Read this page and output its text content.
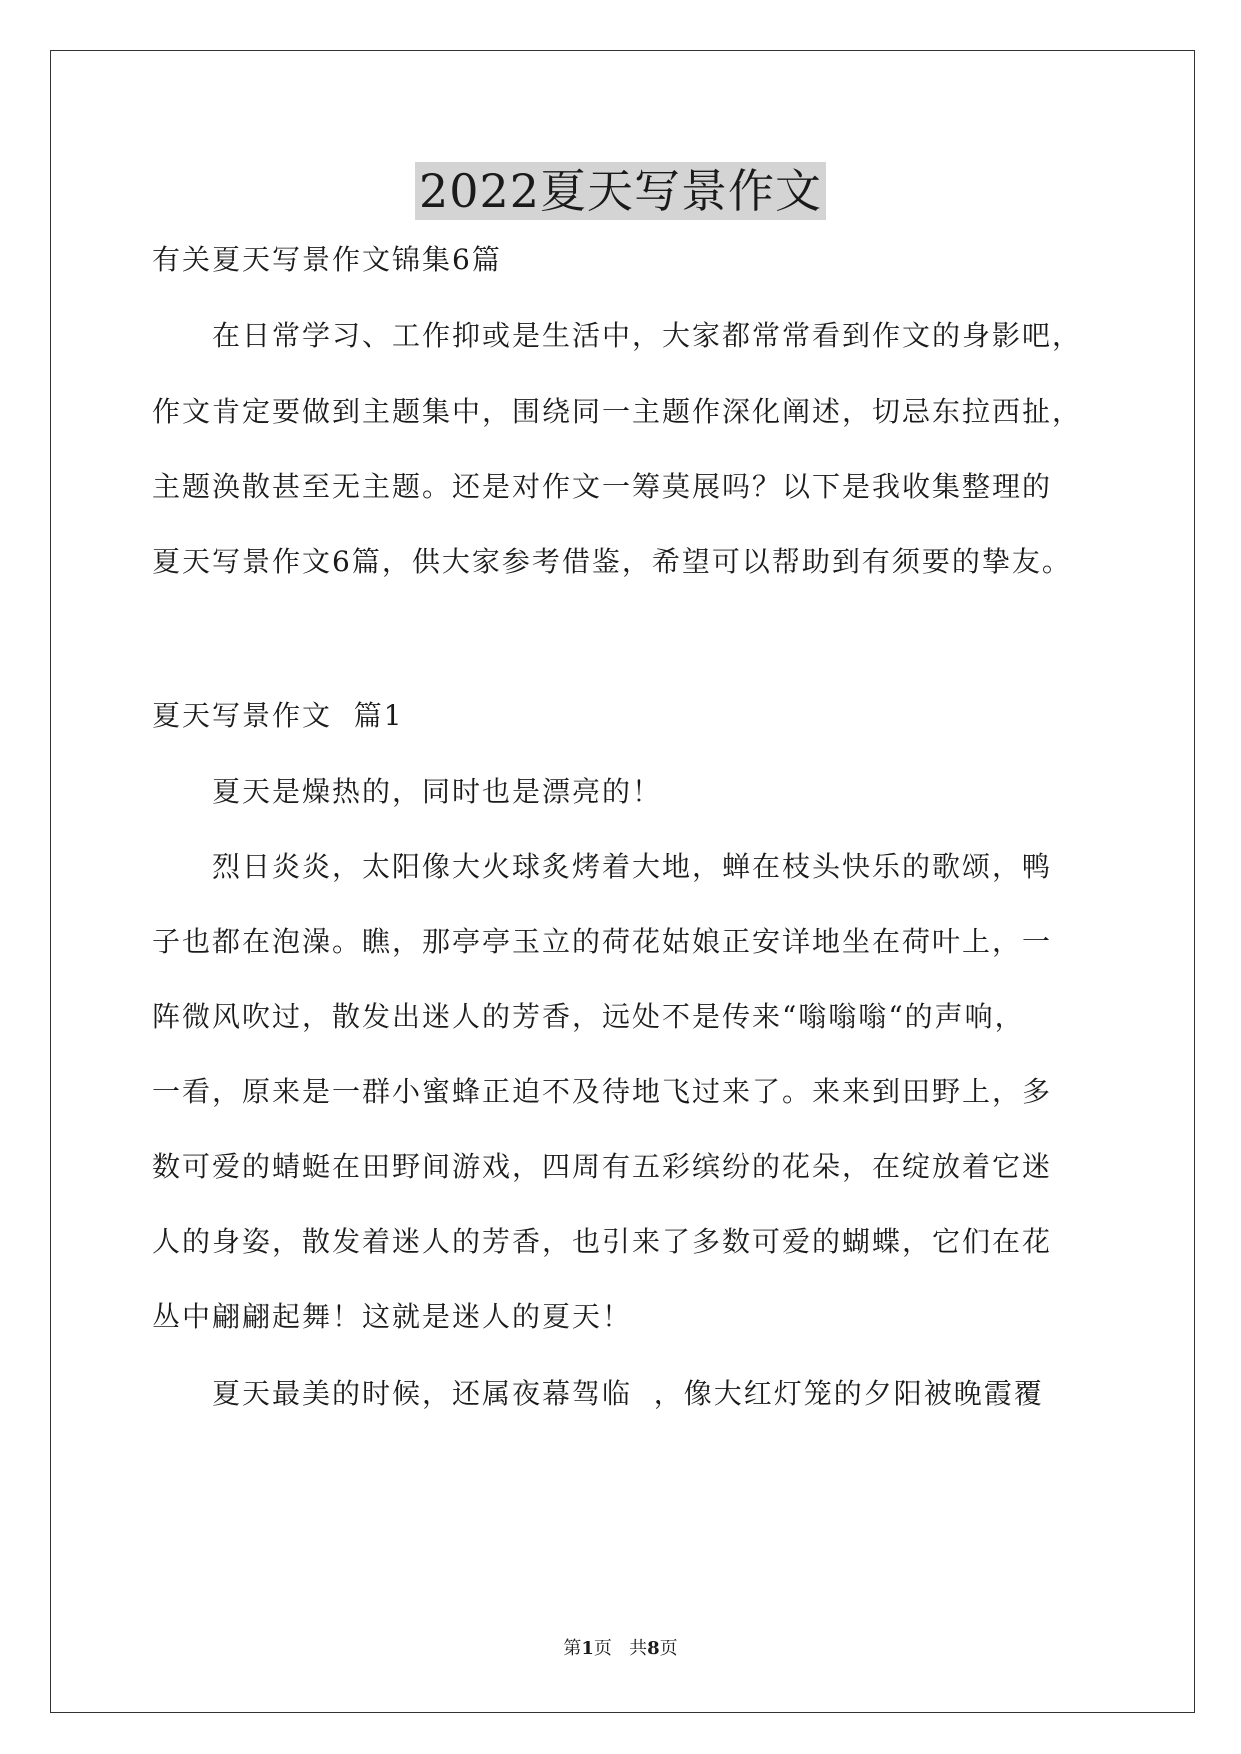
2022夏天写景作文
有关夏天写景作文锦集6篇
在日常学习、工作抑或是生活中，大家都常常看到作文的身影吧，
作文肯定要做到主题集中，围绕同一主题作深化阐述，切忌东拉西扯，
主题涣散甚至无主题。还是对作文一筹莫展吗？以下是我收集整理的
夏天写景作文6篇，供大家参考借鉴，希望可以帮助到有须要的挚友。
夏天写景作文  篇1
夏天是燥热的，同时也是漂亮的！
烈日炎炎，太阳像大火球炙烤着大地，蝉在枝头快乐的歌颂，鸭
子也都在泡澡。瞧，那亭亭玉立的荷花姑娘正安详地坐在荷叶上，一
阵微风吹过，散发出迷人的芳香，远处不是传来“嗡嗡嗡“的声响，
一看，原来是一群小蜜蜂正迫不及待地飞过来了。来来到田野上，多
数可爱的蜻蜓在田野间游戏，四周有五彩缤纷的花朵，在绽放着它迷
人的身姿，散发着迷人的芳香，也引来了多数可爱的蝴蝶，它们在花
丛中翩翩起舞！这就是迷人的夏天！
夏天最美的时候，还属夜幕驾临  ，像大红灯笼的夕阳被晚霞覆
第1页   共8页
